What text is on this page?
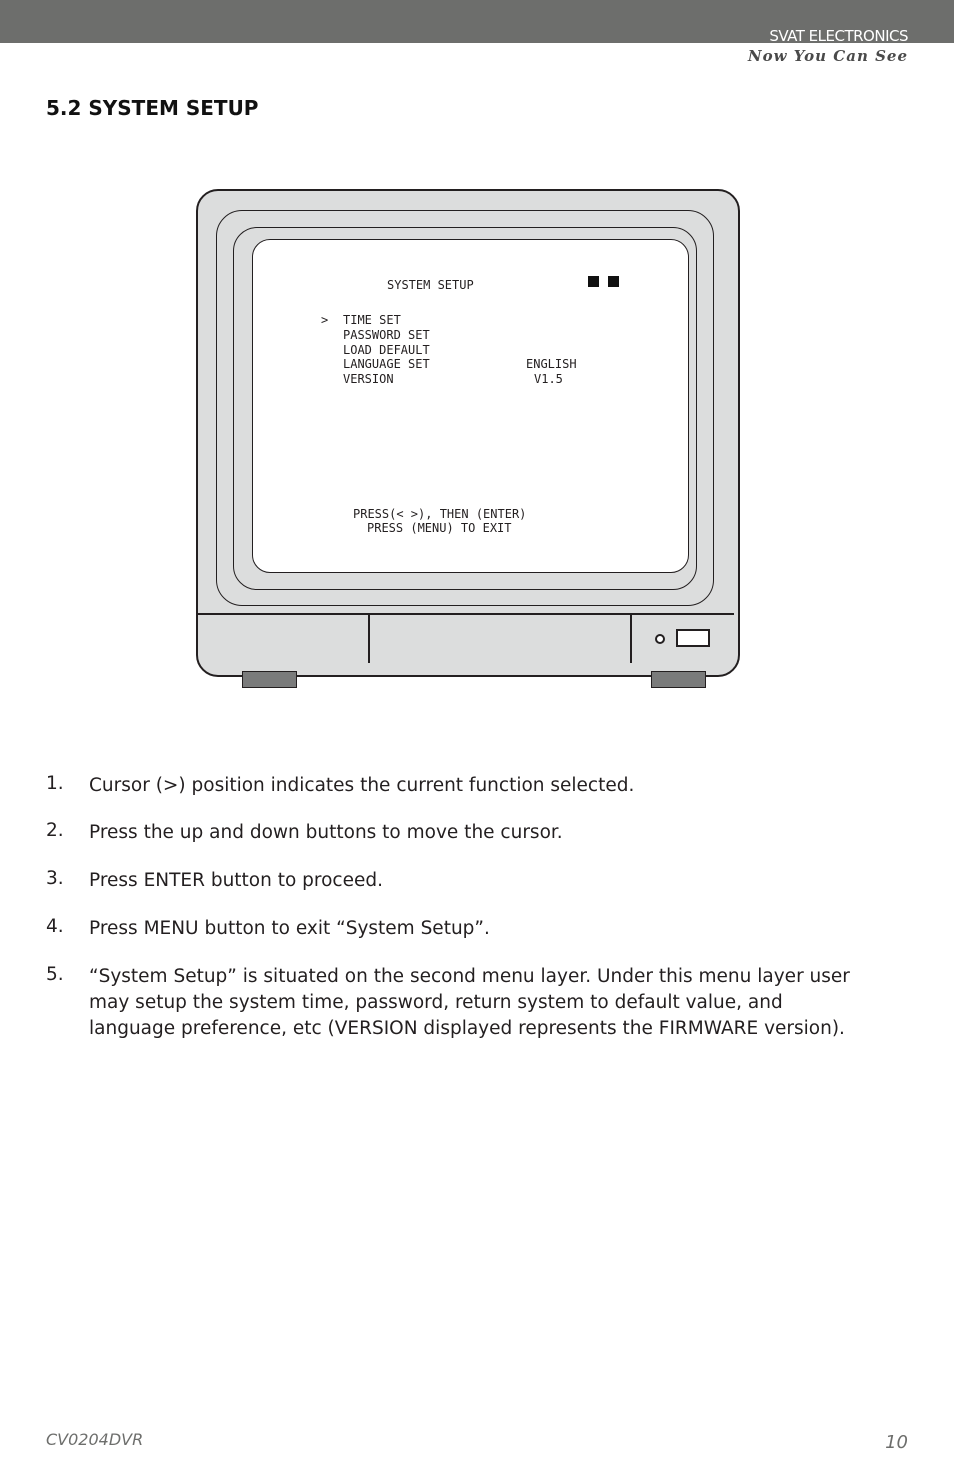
SVAT ELECTRONICS
Now You Can See
5.2 SYSTEM SETUP
SYSTEM SETUP
> TIME SET
PASSWORD SET
LOAD DEFAULT
LANGUAGE SET	ENGLISH
VERSION	V1.5
PRESS(< >), THEN (ENTER)
PRESS (MENU) TO EXIT
1. Cursor (>) position indicates the current function selected.
2. Press the up and down buttons to move the cursor.
3. Press ENTER button to proceed.
4. Press MENU button to exit “System Setup”.
5. “System Setup” is situated on the second menu layer. Under this menu layer user may setup the system time, password, return system to default value, and language preference, etc (VERSION displayed represents the FIRMWARE version).
CV0204DVR	10
